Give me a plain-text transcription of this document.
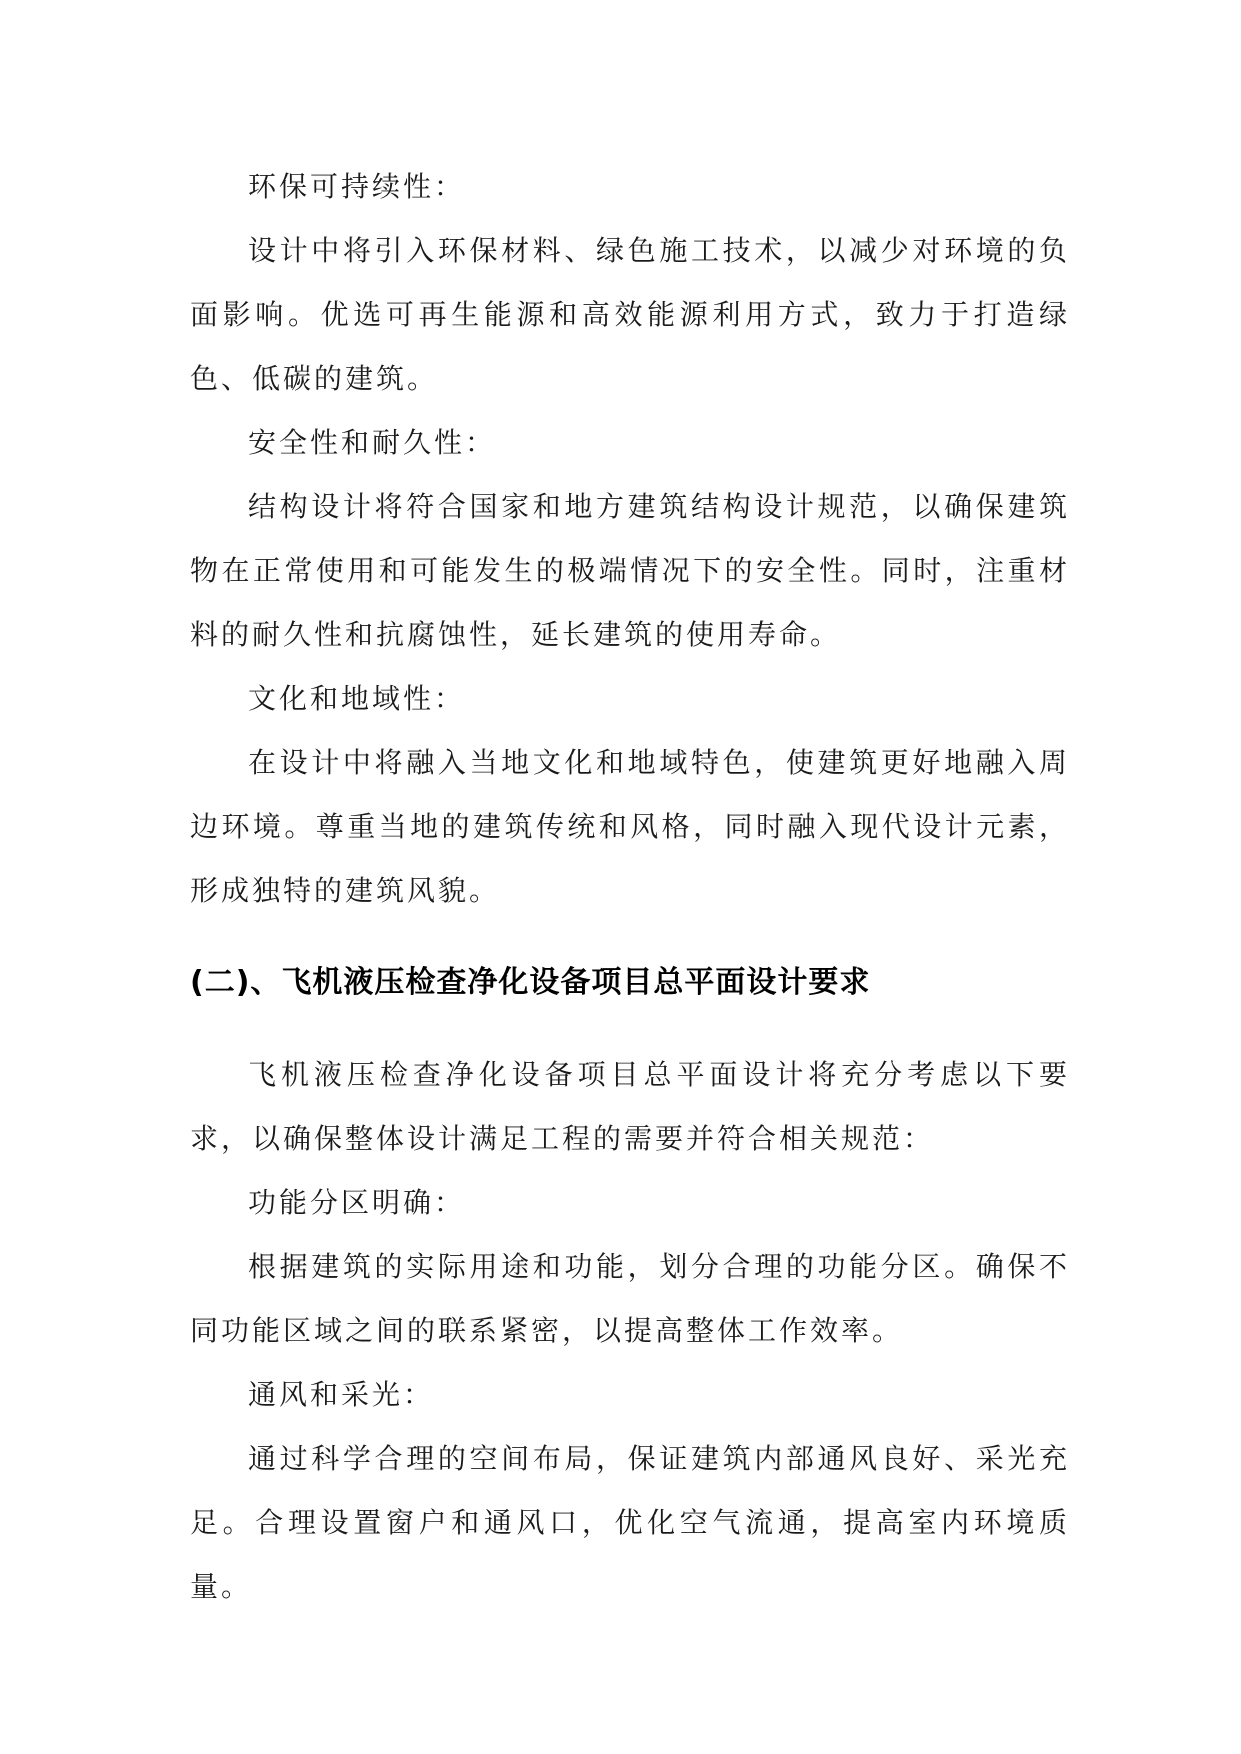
环保可持续性：

设计中将引入环保材料、绿色施工技术，以减少对环境的负面影响。优选可再生能源和高效能源利用方式，致力于打造绿色、低碳的建筑。

安全性和耐久性：

结构设计将符合国家和地方建筑结构设计规范，以确保建筑物在正常使用和可能发生的极端情况下的安全性。同时，注重材料的耐久性和抗腐蚀性，延长建筑的使用寿命。

文化和地域性：

在设计中将融入当地文化和地域特色，使建筑更好地融入周边环境。尊重当地的建筑传统和风格，同时融入现代设计元素，形成独特的建筑风貌。

(二)、飞机液压检查净化设备项目总平面设计要求

飞机液压检查净化设备项目总平面设计将充分考虑以下要求，以确保整体设计满足工程的需要并符合相关规范：

功能分区明确：

根据建筑的实际用途和功能，划分合理的功能分区。确保不同功能区域之间的联系紧密，以提高整体工作效率。

通风和采光：

通过科学合理的空间布局，保证建筑内部通风良好、采光充足。合理设置窗户和通风口，优化空气流通，提高室内环境质量。
